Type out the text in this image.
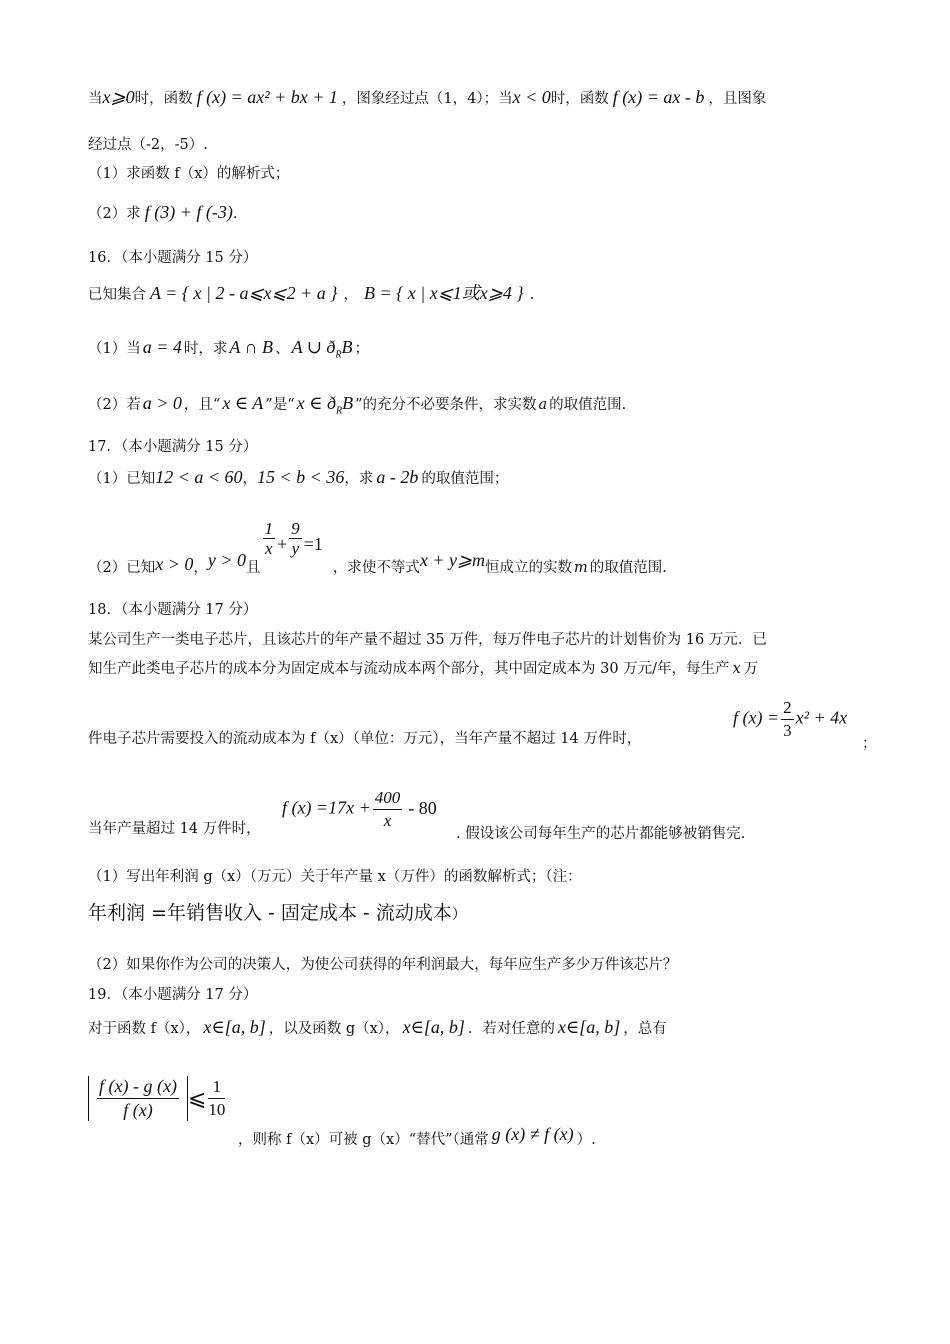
当x⩾0时，函数 f (x) = ax² + bx + 1 ，图象经过点（1，4）；当x < 0时，函数 f (x) = ax - b ，且图象
经过点（-2，-5）.
（1）求函数 f（x）的解析式；
（2）求 f (3) + f (-3).
16．（本小题满分 15 分）
已知集合 A = { x | 2 - a⩽x⩽2 + a } ， B = { x | x⩽1或x⩾4 } .
（1）当 a = 4 时，求 A ∩ B 、 A ∪ $ð_RB$ ；
（2）若 a > 0 ，且“ x ∈ A ”是“ x ∈ $ð_RB$ ”的充分不必要条件，求实数 a 的取值范围.
17．（本小题满分 15 分）
（1）已知12 < a < 60，15 < b < 36，求 a - 2b 的取值范围；
（2）已知x > 0，y > 0且
$\frac{1}{x} + \frac{9}{y} =1$，求使不等式x + y⩾m恒成立的实数 m 的取值范围.
18．（本小题满分 17 分）
某公司生产一类电子芯片，且该芯片的年产量不超过 35 万件，每万件电子芯片的计划售价为 16 万元．已
知生产此类电子芯片的成本分为固定成本与流动成本两个部分，其中固定成本为 30 万元/年，每生产 x 万
件电子芯片需要投入的流动成本为 f（x）（单位：万元），当年产量不超过 14 万件时，
f $(x) = \frac{2}{3} x^2 + 4x$
；
当年产量超过 14 万件时，
f $(x) =17x + \frac{400}{x} - 80$
. 假设该公司每年生产的芯片都能够被销售完.
（1）写出年利润 g（x）（万元）关于年产量 x（万件）的函数解析式；（注：
年利润 =年销售收入 - 固定成本 - 流动成本）
（2）如果你作为公司的决策人，为使公司获得的年利润最大，每年应生产多少万件该芯片？
19．（本小题满分 17 分）
对于函数 f（x）， x∈[a, b] ，以及函数 g（x）， x∈[a, b] ．若对任意的 x∈[a, b] ，总有
$\frac{f (x) - g (x)}{f (x)}$ ⩽ $\frac{1}{10}$
，则称 f（x）可被 g（x）“替代”（通常 g (x) ≠ f (x) ）.
